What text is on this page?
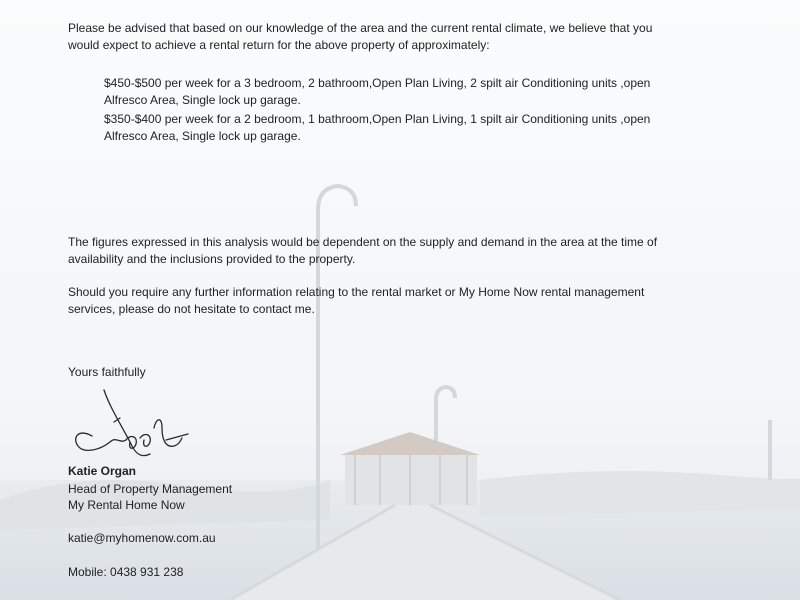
Please be advised that based on our knowledge of the area and the current rental climate, we believe that you
would expect to achieve a rental return for the above property of approximately:

$450-$500 per week for a 3 bedroom, 2 bathroom,Open Plan Living, 2 spilt air Conditioning units ,open
Alfresco Area, Single lock up garage.

$350-$400 per week for a 2 bedroom, 1 bathroom,Open Plan Living, 1 spilt air Conditioning units ,open
Alfresco Area, Single lock up garage.

The figures expressed in this analysis would be dependent on the supply and demand in the area at the time of
availability and the inclusions provided to the property.

Should you require any further information relating to the rental market or My Home Now rental management
services, please do not hesitate to contact me.

Yours faithfully

Katie Organ

Head of Property Management

My Rental Home Now

katie@myhomenow.com.au

Mobile: 0438 931 238
